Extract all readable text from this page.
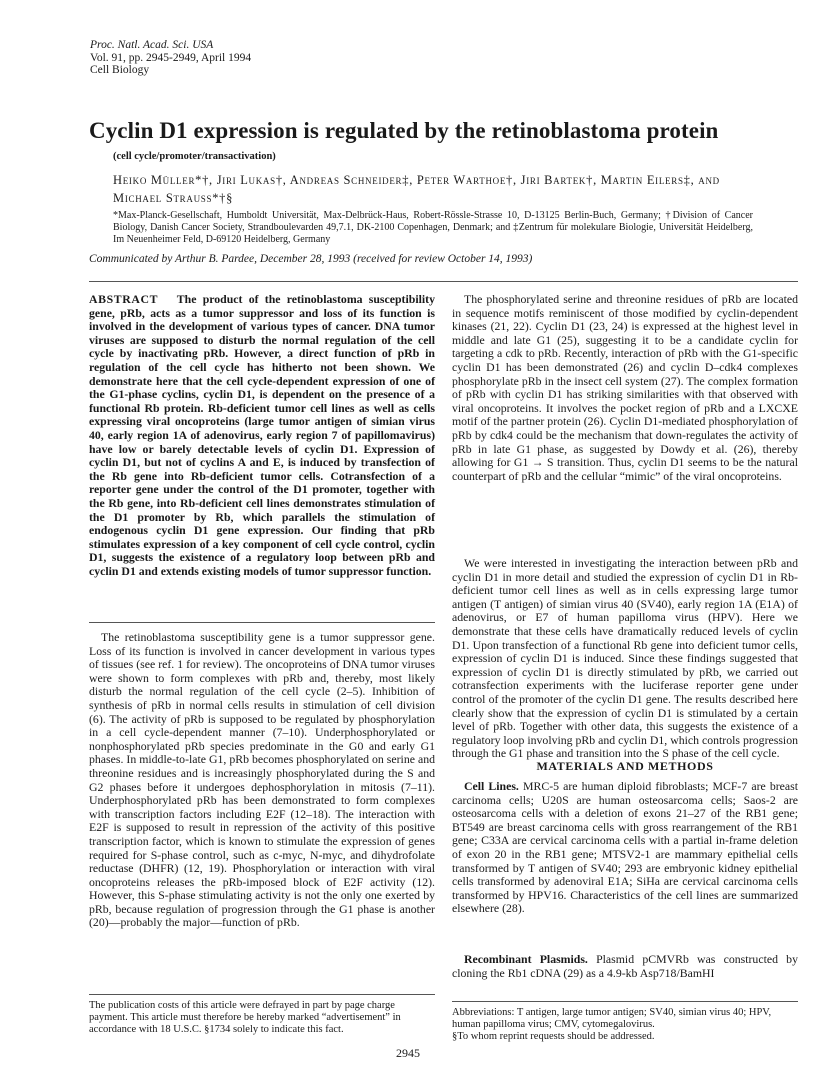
Proc. Natl. Acad. Sci. USA
Vol. 91, pp. 2945-2949, April 1994
Cell Biology
Cyclin D1 expression is regulated by the retinoblastoma protein
(cell cycle/promoter/transactivation)
Heiko Müller*†, Jiri Lukas†, Andreas Schneider‡, Peter Warthoe†, Jiri Bartek†, Martin Eilers‡, and Michael Strauss*†§
*Max-Planck-Gesellschaft, Humboldt Universität, Max-Delbrück-Haus, Robert-Rössle-Strasse 10, D-13125 Berlin-Buch, Germany; †Division of Cancer Biology, Danish Cancer Society, Strandboulevarden 49,7.1, DK-2100 Copenhagen, Denmark; and ‡Zentrum für molekulare Biologie, Universität Heidelberg, Im Neuenheimer Feld, D-69120 Heidelberg, Germany
Communicated by Arthur B. Pardee, December 28, 1993 (received for review October 14, 1993)

ABSTRACT The product of the retinoblastoma susceptibility gene, pRb, acts as a tumor suppressor and loss of its function is involved in the development of various types of cancer. DNA tumor viruses are supposed to disturb the normal regulation of the cell cycle by inactivating pRb. However, a direct function of pRb in regulation of the cell cycle has hitherto not been shown. We demonstrate here that the cell cycle-dependent expression of one of the G1-phase cyclins, cyclin D1, is dependent on the presence of a functional Rb protein. Rb-deficient tumor cell lines as well as cells expressing viral oncoproteins (large tumor antigen of simian virus 40, early region 1A of adenovirus, early region 7 of papillomavirus) have low or barely detectable levels of cyclin D1. Expression of cyclin D1, but not of cyclins A and E, is induced by transfection of the Rb gene into Rb-deficient tumor cells. Cotransfection of a reporter gene under the control of the D1 promoter, together with the Rb gene, into Rb-deficient cell lines demonstrates stimulation of the D1 promoter by Rb, which parallels the stimulation of endogenous cyclin D1 gene expression. Our finding that pRb stimulates expression of a key component of cell cycle control, cyclin D1, suggests the existence of a regulatory loop between pRb and cyclin D1 and extends existing models of tumor suppressor function.

The retinoblastoma susceptibility gene is a tumor suppressor gene. Loss of its function is involved in cancer development in various types of tissues (see ref. 1 for review). The oncoproteins of DNA tumor viruses were shown to form complexes with pRb and, thereby, most likely disturb the normal regulation of the cell cycle (2–5). Inhibition of synthesis of pRb in normal cells results in stimulation of cell division (6). The activity of pRb is supposed to be regulated by phosphorylation in a cell cycle-dependent manner (7–10). Underphosphorylated or nonphosphorylated pRb species predominate in the G0 and early G1 phases. In middle-to-late G1, pRb becomes phosphorylated on serine and threonine residues and is increasingly phosphorylated during the S and G2 phases before it undergoes dephosphorylation in mitosis (7–11). Underphosphorylated pRb has been demonstrated to form complexes with transcription factors including E2F (12–18). The interaction with E2F is supposed to result in repression of the activity of this positive transcription factor, which is known to stimulate the expression of genes required for S-phase control, such as c-myc, N-myc, and dihydrofolate reductase (DHFR) (12, 19). Phosphorylation or interaction with viral oncoproteins releases the pRb-imposed block of E2F activity (12). However, this S-phase stimulating activity is not the only one exerted by pRb, because regulation of progression through the G1 phase is another (20)—probably the major—function of pRb.

The phosphorylated serine and threonine residues of pRb are located in sequence motifs reminiscent of those modified by cyclin-dependent kinases (21, 22). Cyclin D1 (23, 24) is expressed at the highest level in middle and late G1 (25), suggesting it to be a candidate cyclin for targeting a cdk to pRb. Recently, interaction of pRb with the G1-specific cyclin D1 has been demonstrated (26) and cyclin D–cdk4 complexes phosphorylate pRb in the insect cell system (27). The complex formation of pRb with cyclin D1 has striking similarities with that observed with viral oncoproteins. It involves the pocket region of pRb and a LXCXE motif of the partner protein (26). Cyclin D1-mediated phosphorylation of pRb by cdk4 could be the mechanism that down-regulates the activity of pRb in late G1 phase, as suggested by Dowdy et al. (26), thereby allowing for G1 → S transition. Thus, cyclin D1 seems to be the natural counterpart of pRb and the cellular “mimic” of the viral oncoproteins.

We were interested in investigating the interaction between pRb and cyclin D1 in more detail and studied the expression of cyclin D1 in Rb-deficient tumor cell lines as well as in cells expressing large tumor antigen (T antigen) of simian virus 40 (SV40), early region 1A (E1A) of adenovirus, or E7 of human papilloma virus (HPV). Here we demonstrate that these cells have dramatically reduced levels of cyclin D1. Upon transfection of a functional Rb gene into deficient tumor cells, expression of cyclin D1 is induced. Since these findings suggested that expression of cyclin D1 is directly stimulated by pRb, we carried out cotransfection experiments with the luciferase reporter gene under control of the promoter of the cyclin D1 gene. The results described here clearly show that the expression of cyclin D1 is stimulated by a certain level of pRb. Together with other data, this suggests the existence of a regulatory loop involving pRb and cyclin D1, which controls progression through the G1 phase and transition into the S phase of the cell cycle.

MATERIALS AND METHODS

Cell Lines. MRC-5 are human diploid fibroblasts; MCF-7 are breast carcinoma cells; U20S are human osteosarcoma cells; Saos-2 are osteosarcoma cells with a deletion of exons 21–27 of the RB1 gene; BT549 are breast carcinoma cells with gross rearrangement of the RB1 gene; C33A are cervical carcinoma cells with a partial in-frame deletion of exon 20 in the RB1 gene; MTSV2-1 are mammary epithelial cells transformed by T antigen of SV40; 293 are embryonic kidney epithelial cells transformed by adenoviral E1A; SiHa are cervical carcinoma cells transformed by HPV16. Characteristics of the cell lines are summarized elsewhere (28).

Recombinant Plasmids. Plasmid pCMVRb was constructed by cloning the Rb1 cDNA (29) as a 4.9-kb Asp718/BamHI

The publication costs of this article were defrayed in part by page charge payment. This article must therefore be hereby marked “advertisement” in accordance with 18 U.S.C. §1734 solely to indicate this fact.

Abbreviations: T antigen, large tumor antigen; SV40, simian virus 40; HPV, human papilloma virus; CMV, cytomegalovirus.

§To whom reprint requests should be addressed.

2945
